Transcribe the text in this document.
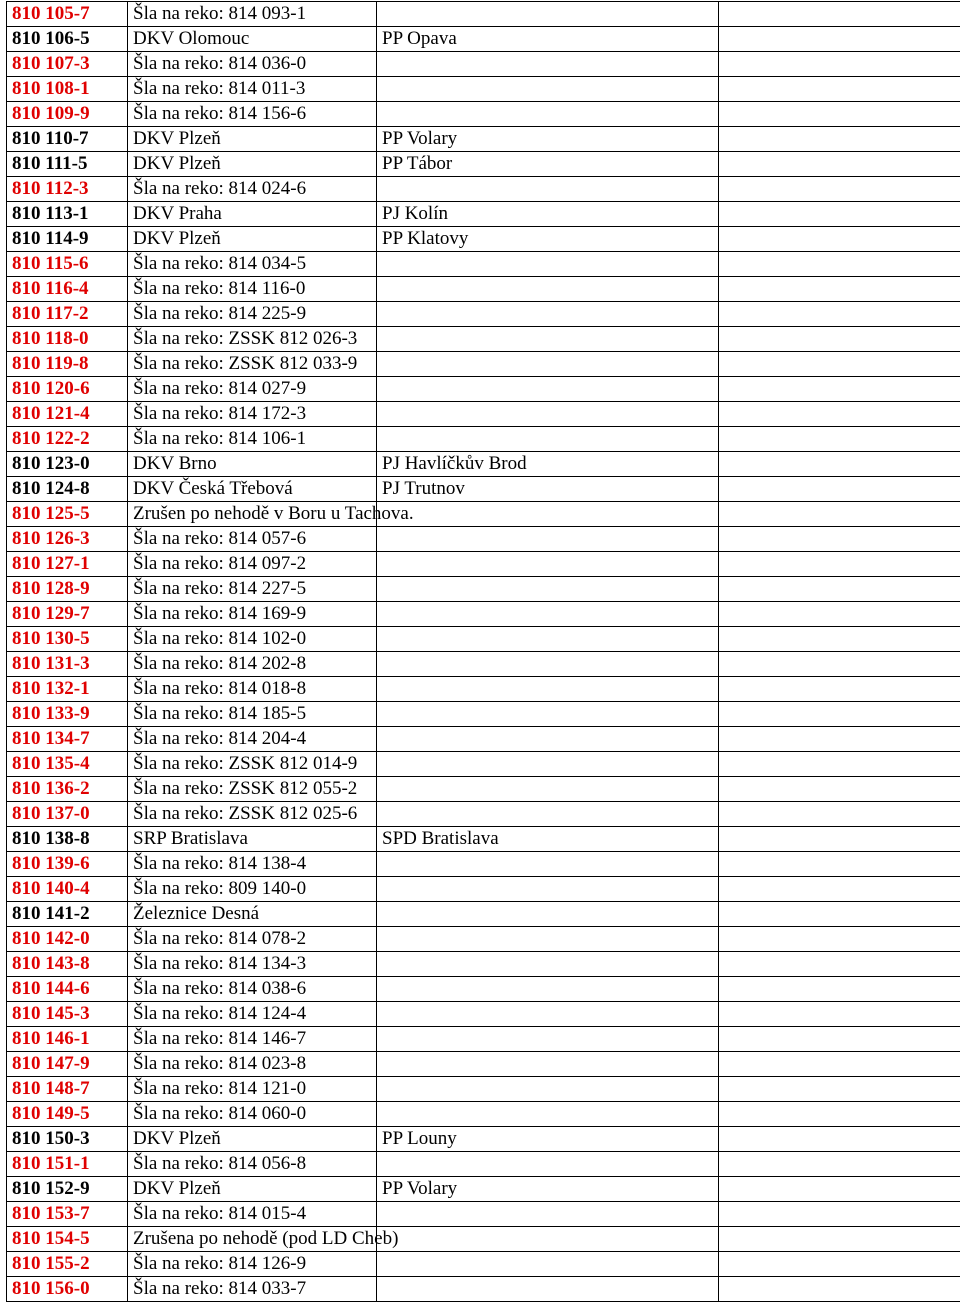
810 105-7	Šla na reko: 814 093-1		
810 106-5	DKV Olomouc	PP Opava	
810 107-3	Šla na reko: 814 036-0		
810 108-1	Šla na reko: 814 011-3		
810 109-9	Šla na reko: 814 156-6		
810 110-7	DKV Plzeň	PP Volary	
810 111-5	DKV Plzeň	PP Tábor	
810 112-3	Šla na reko: 814 024-6		
810 113-1	DKV Praha	PJ Kolín	
810 114-9	DKV Plzeň	PP Klatovy	
810 115-6	Šla na reko: 814 034-5		
810 116-4	Šla na reko: 814 116-0		
810 117-2	Šla na reko: 814 225-9		
810 118-0	Šla na reko: ZSSK 812 026-3		
810 119-8	Šla na reko: ZSSK 812 033-9		
810 120-6	Šla na reko: 814 027-9		
810 121-4	Šla na reko: 814 172-3		
810 122-2	Šla na reko: 814 106-1		
810 123-0	DKV Brno	PJ Havlíčkův Brod	
810 124-8	DKV Česká Třebová	PJ Trutnov	
810 125-5	Zrušen po nehodě v Boru u Tachova.		
810 126-3	Šla na reko: 814 057-6		
810 127-1	Šla na reko: 814 097-2		
810 128-9	Šla na reko: 814 227-5		
810 129-7	Šla na reko: 814 169-9		
810 130-5	Šla na reko: 814 102-0		
810 131-3	Šla na reko: 814 202-8		
810 132-1	Šla na reko: 814 018-8		
810 133-9	Šla na reko: 814 185-5		
810 134-7	Šla na reko: 814 204-4		
810 135-4	Šla na reko: ZSSK 812 014-9		
810 136-2	Šla na reko: ZSSK 812 055-2		
810 137-0	Šla na reko: ZSSK 812 025-6		
810 138-8	SRP Bratislava	SPD Bratislava	
810 139-6	Šla na reko: 814 138-4		
810 140-4	Šla na reko: 809 140-0		
810 141-2	Železnice Desná		
810 142-0	Šla na reko: 814 078-2		
810 143-8	Šla na reko: 814 134-3		
810 144-6	Šla na reko: 814 038-6		
810 145-3	Šla na reko: 814 124-4		
810 146-1	Šla na reko: 814 146-7		
810 147-9	Šla na reko: 814 023-8		
810 148-7	Šla na reko: 814 121-0		
810 149-5	Šla na reko: 814 060-0		
810 150-3	DKV Plzeň	PP Louny	
810 151-1	Šla na reko: 814 056-8		
810 152-9	DKV Plzeň	PP Volary	
810 153-7	Šla na reko: 814 015-4		
810 154-5	Zrušena po nehodě (pod LD Cheb)		
810 155-2	Šla na reko: 814 126-9		
810 156-0	Šla na reko: 814 033-7		
